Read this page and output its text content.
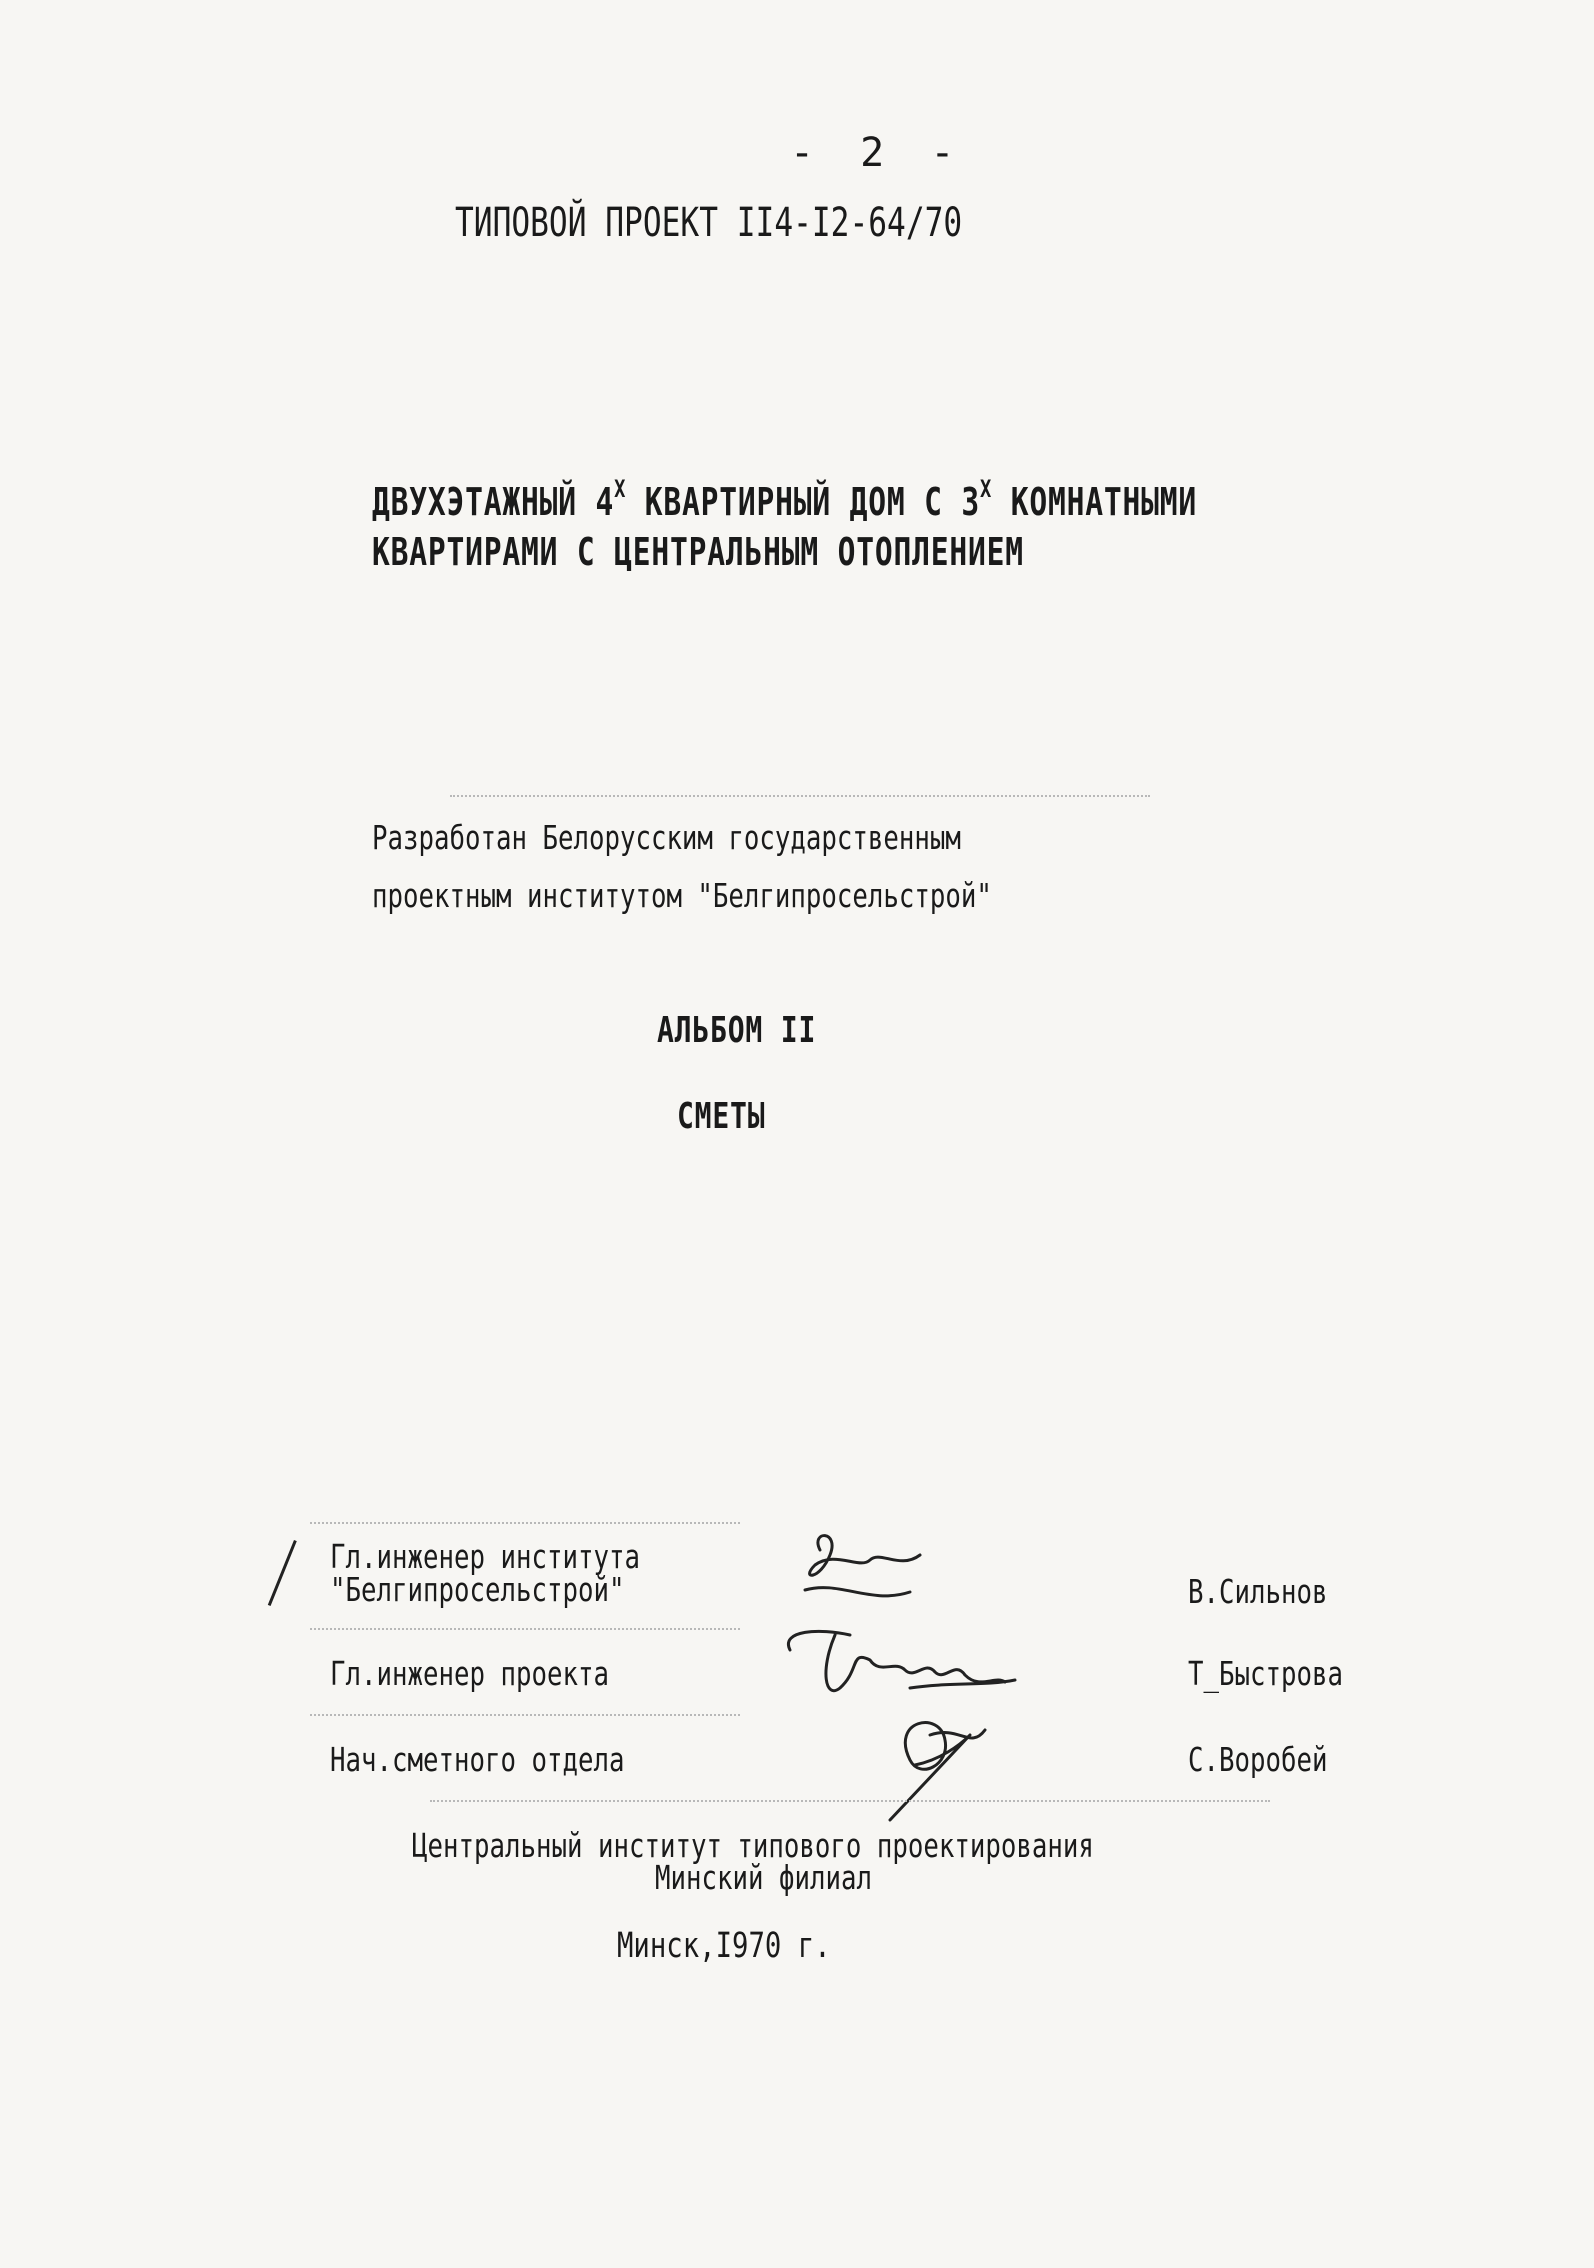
- 2 -

ТИПОВОЙ ПРОЕКТ II4-I2-64/70

ДВУХЭТАЖНЫЙ $4^X$ КВАРТИРНЫЙ ДОМ С $3^X$ КОМНАТНЫМИ

КВАРТИРАМИ С ЦЕНТРАЛЬНЫМ ОТОПЛЕНИЕМ

Разработан Белорусским государственным

проектным институтом "Белгипросельстрой"

АЛЬБОМ II

СМЕТЫ

Гл.инженер института

"Белгипросельстрой"

Гл.инженер проекта

Нач.сметного отдела

В.Сильнов

Т_Быстрова

С.Воробей

Центральный институт типового проектирования

Минский филиал

Минск,I970 г.
